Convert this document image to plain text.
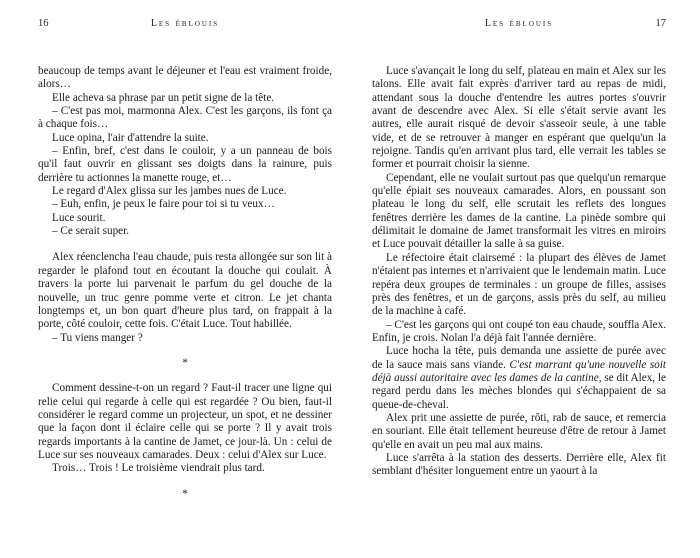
16	Les éblouis

beaucoup de temps avant le déjeuner et l'eau est vraiment froide, alors…

Elle acheva sa phrase par un petit signe de la tête.

– C'est pas moi, marmonna Alex. C'est les garçons, ils font ça à chaque fois…

Luce opina, l'air d'attendre la suite.

– Enfin, bref, c'est dans le couloir, y a un panneau de bois qu'il faut ouvrir en glissant ses doigts dans la rainure, puis derrière tu actionnes la manette rouge, et…

Le regard d'Alex glissa sur les jambes nues de Luce.

– Euh, enfin, je peux le faire pour toi si tu veux…

Luce sourit.

– Ce serait super.

Alex réenclencha l'eau chaude, puis resta allongée sur son lit à regarder le plafond tout en écoutant la douche qui coulait. À travers la porte lui parvenait le parfum du gel douche de la nouvelle, un truc genre pomme verte et citron. Le jet chanta longtemps et, un bon quart d'heure plus tard, on frappait à la porte, côté couloir, cette fois. C'était Luce. Tout habillée.

– Tu viens manger ?

*

Comment dessine-t-on un regard ? Faut-il tracer une ligne qui relie celui qui regarde à celle qui est regardée ? Ou bien, faut-il considérer le regard comme un projecteur, un spot, et ne dessiner que la façon dont il éclaire celle qui se porte ? Il y avait trois regards importants à la cantine de Jamet, ce jour-là. Un : celui de Luce sur ses nouveaux camarades. Deux : celui d'Alex sur Luce.

Trois… Trois ! Le troisième viendrait plus tard.

*
Les éblouis	17

Luce s'avançait le long du self, plateau en main et Alex sur les talons. Elle avait fait exprès d'arriver tard au repas de midi, attendant sous la douche d'entendre les autres portes s'ouvrir avant de descendre avec Alex. Si elle s'était servie avant les autres, elle aurait risqué de devoir s'asseoir seule, à une table vide, et de se retrouver à manger en espérant que quelqu'un la rejoigne. Tandis qu'en arrivant plus tard, elle verrait les tables se former et pourrait choisir la sienne.

Cependant, elle ne voulait surtout pas que quelqu'un remarque qu'elle épiait ses nouveaux camarades. Alors, en poussant son plateau le long du self, elle scrutait les reflets des longues fenêtres derrière les dames de la cantine. La pinède sombre qui délimitait le domaine de Jamet transformait les vitres en miroirs et Luce pouvait détailler la salle à sa guise.

Le réfectoire était clairsemé : la plupart des élèves de Jamet n'étaient pas internes et n'arrivaient que le lendemain matin. Luce repéra deux groupes de terminales : un groupe de filles, assises près des fenêtres, et un de garçons, assis près du self, au milieu de la machine à café.

– C'est les garçons qui ont coupé ton eau chaude, souffla Alex. Enfin, je crois. Nolan l'a déjà fait l'année dernière.

Luce hocha la tête, puis demanda une assiette de purée avec de la sauce mais sans viande. C'est marrant qu'une nouvelle soit déjà aussi autoritaire avec les dames de la cantine, se dit Alex, le regard perdu dans les mèches blondes qui s'échappaient de sa queue-de-cheval.

Alex prit une assiette de purée, rôti, rab de sauce, et remercia en souriant. Elle était tellement heureuse d'être de retour à Jamet qu'elle en avait un peu mal aux mains.

Luce s'arrêta à la station des desserts. Derrière elle, Alex fit semblant d'hésiter longuement entre un yaourt à la
